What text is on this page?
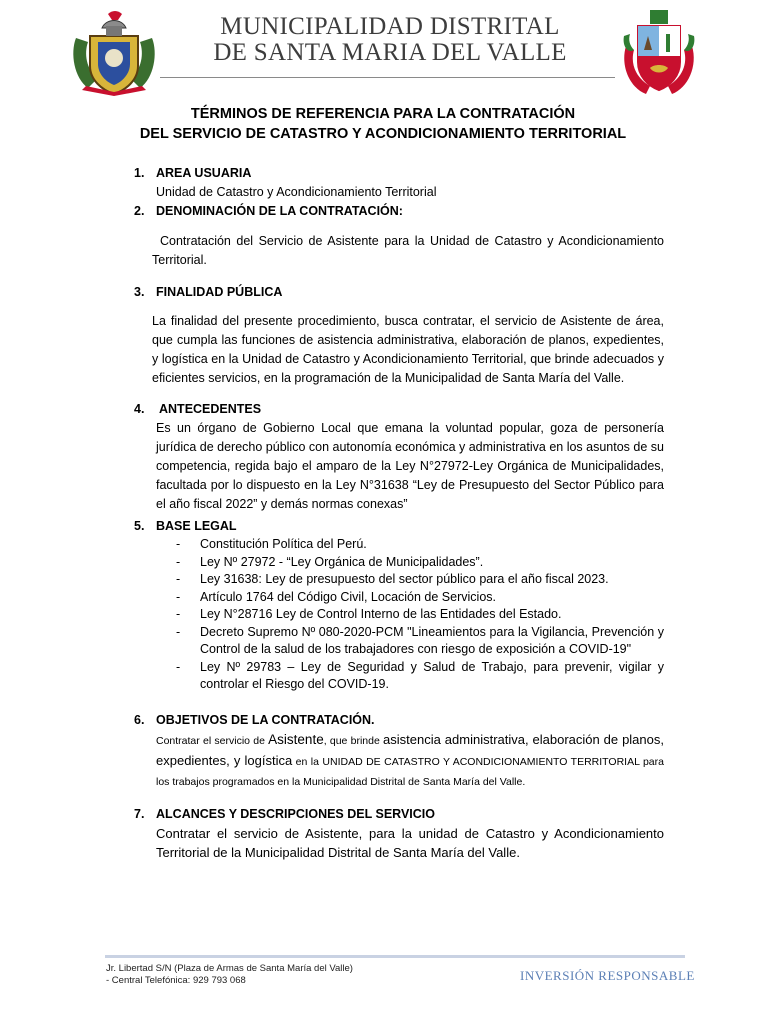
MUNICIPALIDAD DISTRITAL
DE SANTA MARIA DEL VALLE
TÉRMINOS DE REFERENCIA PARA LA CONTRATACIÓN
DEL SERVICIO DE CATASTRO Y ACONDICIONAMIENTO TERRITORIAL
1. AREA USUARIA
Unidad de Catastro y Acondicionamiento Territorial
2. DENOMINACIÓN DE LA CONTRATACIÓN:
Contratación del Servicio de Asistente para la Unidad de Catastro y Acondicionamiento Territorial.
3. FINALIDAD PÚBLICA
La finalidad del presente procedimiento, busca contratar, el servicio de Asistente de área, que cumpla las funciones de asistencia administrativa, elaboración de planos, expedientes, y logística en la Unidad de Catastro y Acondicionamiento Territorial, que brinde adecuados y eficientes servicios, en la programación de la Municipalidad de Santa María del Valle.
4. ANTECEDENTES
Es un órgano de Gobierno Local que emana la voluntad popular, goza de personería jurídica de derecho público con autonomía económica y administrativa en los asuntos de su competencia, regida bajo el amparo de la Ley N°27972-Ley Orgánica de Municipalidades, facultada por lo dispuesto en la Ley N°31638 “Ley de Presupuesto del Sector Público para el año fiscal 2022” y demás normas conexas”
5. BASE LEGAL
- Constitución Política del Perú.
- Ley Nº 27972 - “Ley Orgánica de Municipalidades”.
- Ley 31638: Ley de presupuesto del sector público para el año fiscal 2023.
- Artículo 1764 del Código Civil, Locación de Servicios.
- Ley N°28716 Ley de Control Interno de las Entidades del Estado.
- Decreto Supremo Nº 080-2020-PCM "Lineamientos para la Vigilancia, Prevención y Control de la salud de los trabajadores con riesgo de exposición a COVID-19"
- Ley Nº 29783 – Ley de Seguridad y Salud de Trabajo, para prevenir, vigilar y controlar el Riesgo del COVID-19.
6. OBJETIVOS DE LA CONTRATACIÓN.
Contratar el servicio de Asistente, que brinde asistencia administrativa, elaboración de planos, expedientes, y logística en la UNIDAD DE CATASTRO Y ACONDICIONAMIENTO TERRITORIAL para los trabajos programados en la Municipalidad Distrital de Santa María del Valle.
7. ALCANCES Y DESCRIPCIONES DEL SERVICIO
Contratar el servicio de Asistente, para la unidad de Catastro y Acondicionamiento Territorial de la Municipalidad Distrital de Santa María del Valle.
Jr. Libertad S/N (Plaza de Armas de Santa María del Valle)
- Central Telefónica: 929 793 068	INVERSIÓN RESPONSABLE
